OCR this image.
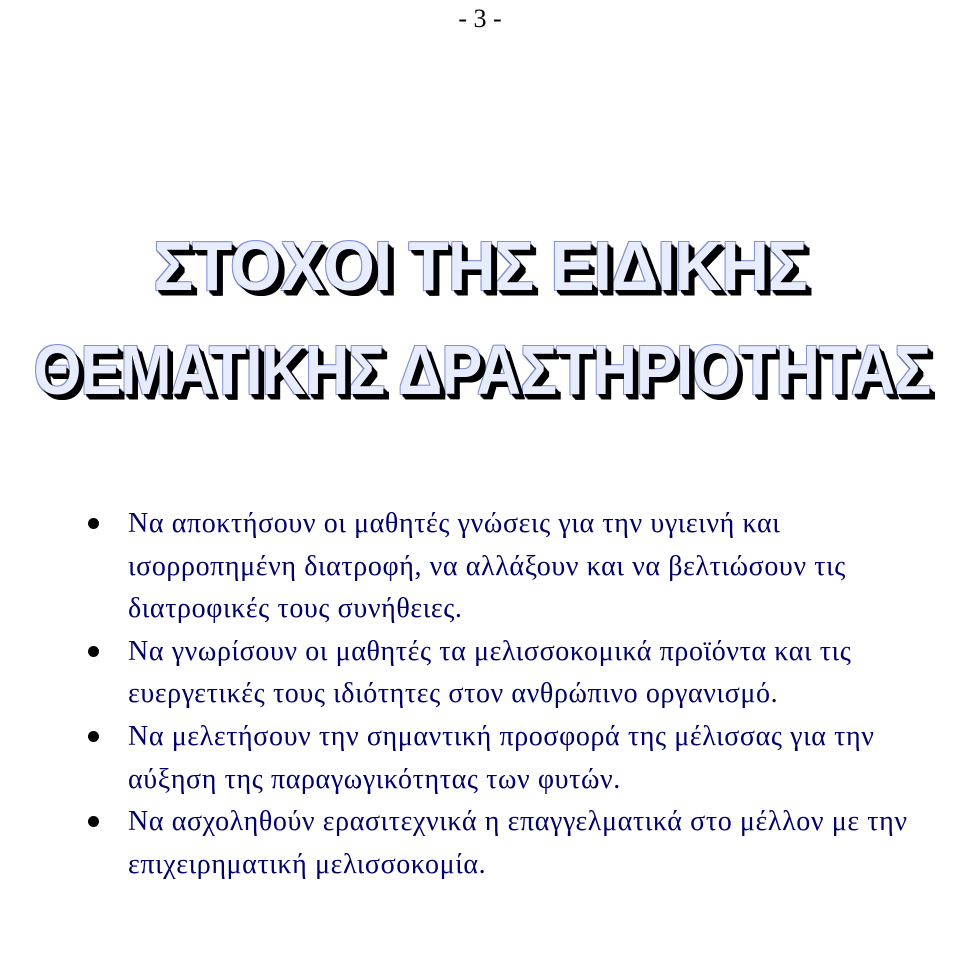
- 3 -
ΣΤΟΧΟΙ ΤΗΣ ΕΙΔΙΚΗΣ
ΘΕΜΑΤΙΚΗΣ ΔΡΑΣΤΗΡΙΟΤΗΤΑΣ
Να αποκτήσουν οι μαθητές γνώσεις για την υγιεινή και ισορροπημένη διατροφή, να αλλάξουν και να βελτιώσουν τις διατροφικές τους συνήθειες.
Να γνωρίσουν οι μαθητές τα μελισσοκομικά προϊόντα και τις ευεργετικές τους ιδιότητες στον ανθρώπινο οργανισμό.
Να μελετήσουν την σημαντική προσφορά της μέλισσας για την αύξηση της παραγωγικότητας των φυτών.
Να ασχοληθούν ερασιτεχνικά η επαγγελματικά στο μέλλον με την επιχειρηματική μελισσοκομία.
